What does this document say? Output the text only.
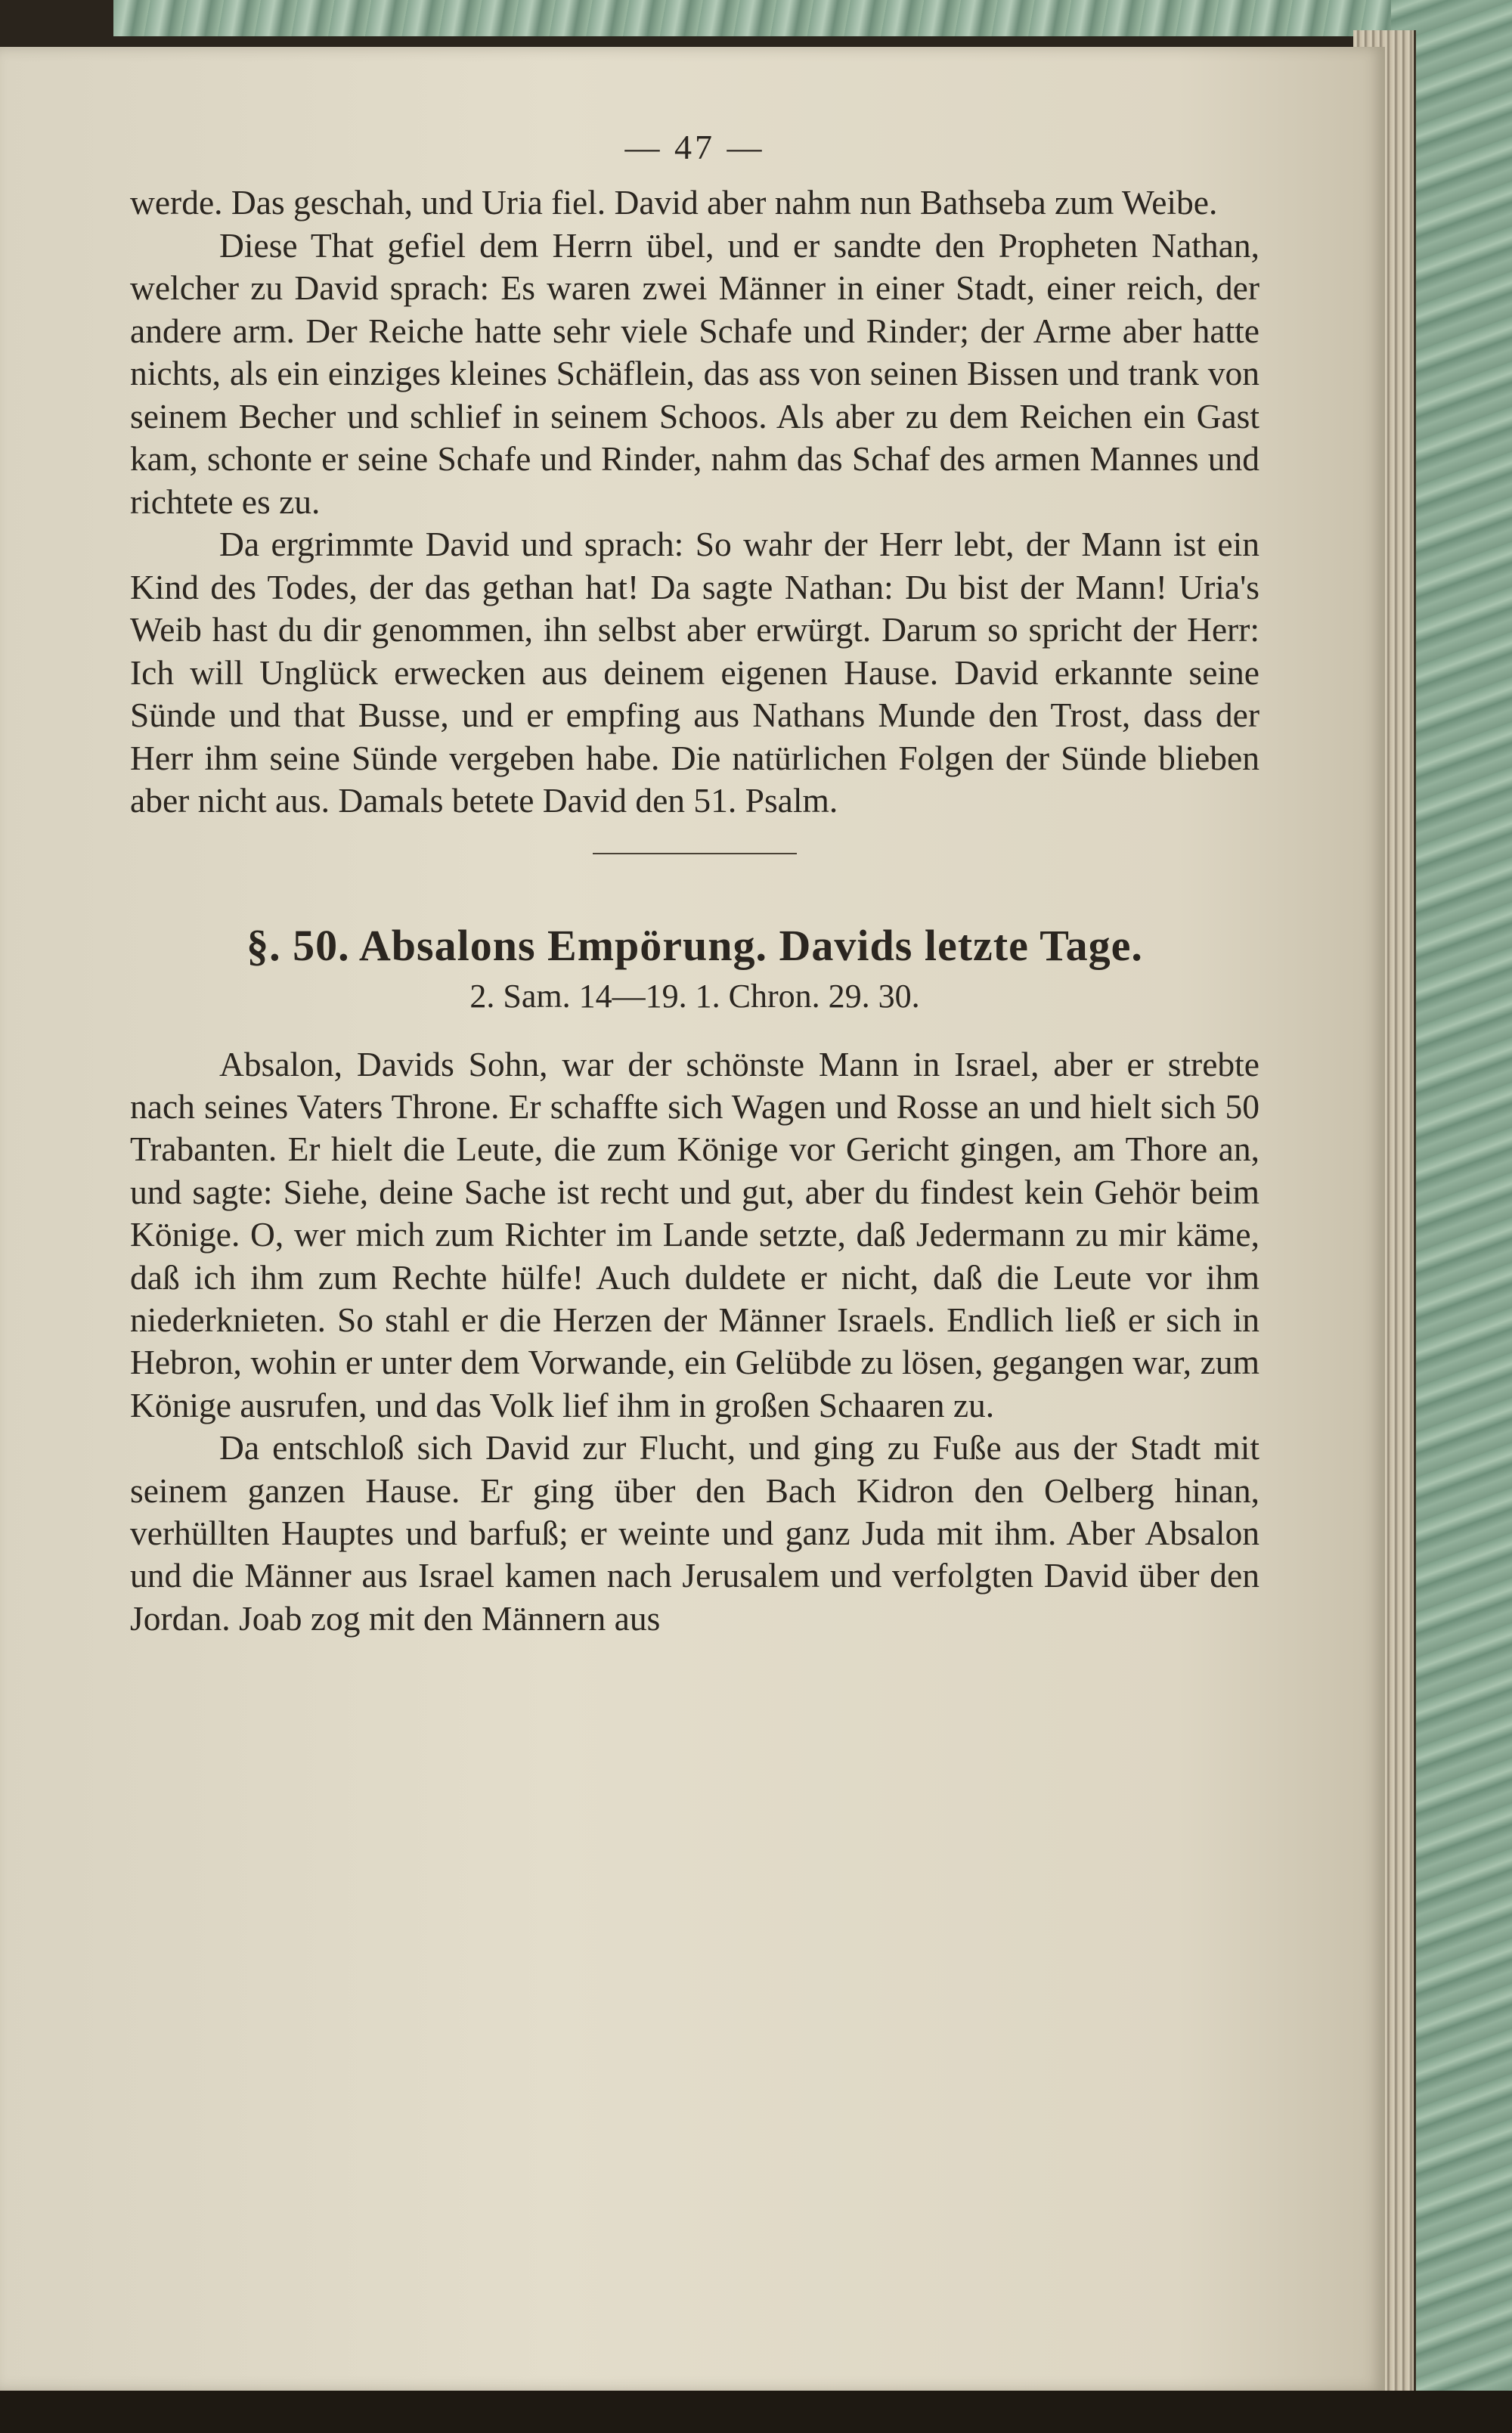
— 47 —

werde. Das geschah, und Uria fiel. David aber nahm nun Bathseba zum Weibe.

Diese That gefiel dem Herrn übel, und er sandte den Propheten Nathan, welcher zu David sprach: Es waren zwei Männer in einer Stadt, einer reich, der andere arm. Der Reiche hatte sehr viele Schafe und Rinder; der Arme aber hatte nichts, als ein einziges kleines Schäflein, das ass von seinen Bissen und trank von seinem Becher und schlief in seinem Schoos. Als aber zu dem Reichen ein Gast kam, schonte er seine Schafe und Rinder, nahm das Schaf des armen Mannes und richtete es zu.

Da ergrimmte David und sprach: So wahr der Herr lebt, der Mann ist ein Kind des Todes, der das gethan hat! Da sagte Nathan: Du bist der Mann! Uria's Weib hast du dir genommen, ihn selbst aber erwürgt. Darum so spricht der Herr: Ich will Unglück erwecken aus deinem eigenen Hause. David erkannte seine Sünde und that Busse, und er empfing aus Nathans Munde den Trost, dass der Herr ihm seine Sünde vergeben habe. Die natürlichen Folgen der Sünde blieben aber nicht aus. Damals betete David den 51. Psalm.

§. 50. Absalons Empörung. Davids letzte Tage.
2. Sam. 14—19. 1. Chron. 29. 30.

Absalon, Davids Sohn, war der schönste Mann in Israel, aber er strebte nach seines Vaters Throne. Er schaffte sich Wagen und Rosse an und hielt sich 50 Trabanten. Er hielt die Leute, die zum Könige vor Gericht gingen, am Thore an, und sagte: Siehe, deine Sache ist recht und gut, aber du findest kein Gehör beim Könige. O, wer mich zum Richter im Lande setzte, daß Jedermann zu mir käme, daß ich ihm zum Rechte hülfe! Auch duldete er nicht, daß die Leute vor ihm niederknieten. So stahl er die Herzen der Männer Israels. Endlich ließ er sich in Hebron, wohin er unter dem Vorwande, ein Gelübde zu lösen, gegangen war, zum Könige ausrufen, und das Volk lief ihm in großen Schaaren zu.

Da entschloß sich David zur Flucht, und ging zu Fuße aus der Stadt mit seinem ganzen Hause. Er ging über den Bach Kidron den Oelberg hinan, verhüllten Hauptes und barfuß; er weinte und ganz Juda mit ihm. Aber Absalon und die Männer aus Israel kamen nach Jerusalem und verfolgten David über den Jordan. Joab zog mit den Männern aus
